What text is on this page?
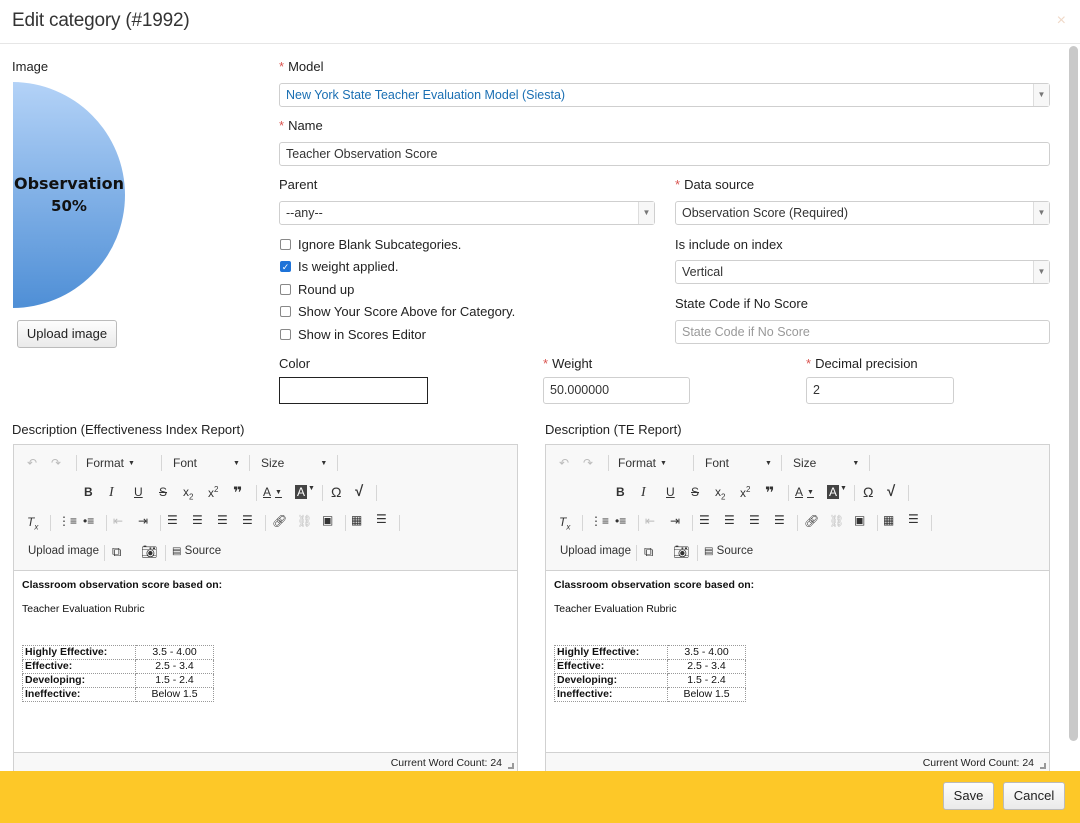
Edit category (#1992)	×
Image
Observation
50%
Upload image
* Model
New York State Teacher Evaluation Model (Siesta)	▼
* Name
Teacher Observation Score
Parent
--any--	▼
* Data source
Observation Score (Required)	▼
Ignore Blank Subcategories.
✓ Is weight applied.
Round up
Show Your Score Above for Category.
Show in Scores Editor
Is include on index
Vertical	▼
State Code if No Score
State Code if No Score
Color	* Weight
50.000000
* Decimal precision
2
Description (Effectiveness Index Report)	Description (TE Report)
↶ ↷ Format ▼	Font	▼ Size	▼
B I U S $x_2$ $x^2$ ❞ A ▼ A ▼ Ω √
$T_x$ ⋮≡ •≡ ⇤ ⇥ ☰ ☰ ☰ ☰ 🔗︎ ⛓︎ ▣ ▦ ☰
Upload image ⧉ 📷︎ ▤ Source

Classroom observation score based on:

Teacher Evaluation Rubric

Highly Effective:	3.5 - 4.00
Effective:	2.5 - 3.4
Developing:	1.5 - 2.4
Ineffective:	Below 1.5
Current Word Count: 24
↶ ↷ Format ▼	Font	▼ Size	▼
B I U S $x_2$ $x^2$ ❞ A ▼ A ▼ Ω √
$T_x$ ⋮≡ •≡ ⇤ ⇥ ☰ ☰ ☰ ☰ 🔗︎ ⛓︎ ▣ ▦ ☰
Upload image ⧉ 📷︎ ▤ Source

Classroom observation score based on:

Teacher Evaluation Rubric

Highly Effective:	3.5 - 4.00
Effective:	2.5 - 3.4
Developing:	1.5 - 2.4
Ineffective:	Below 1.5
Current Word Count: 24
Save	Cancel
